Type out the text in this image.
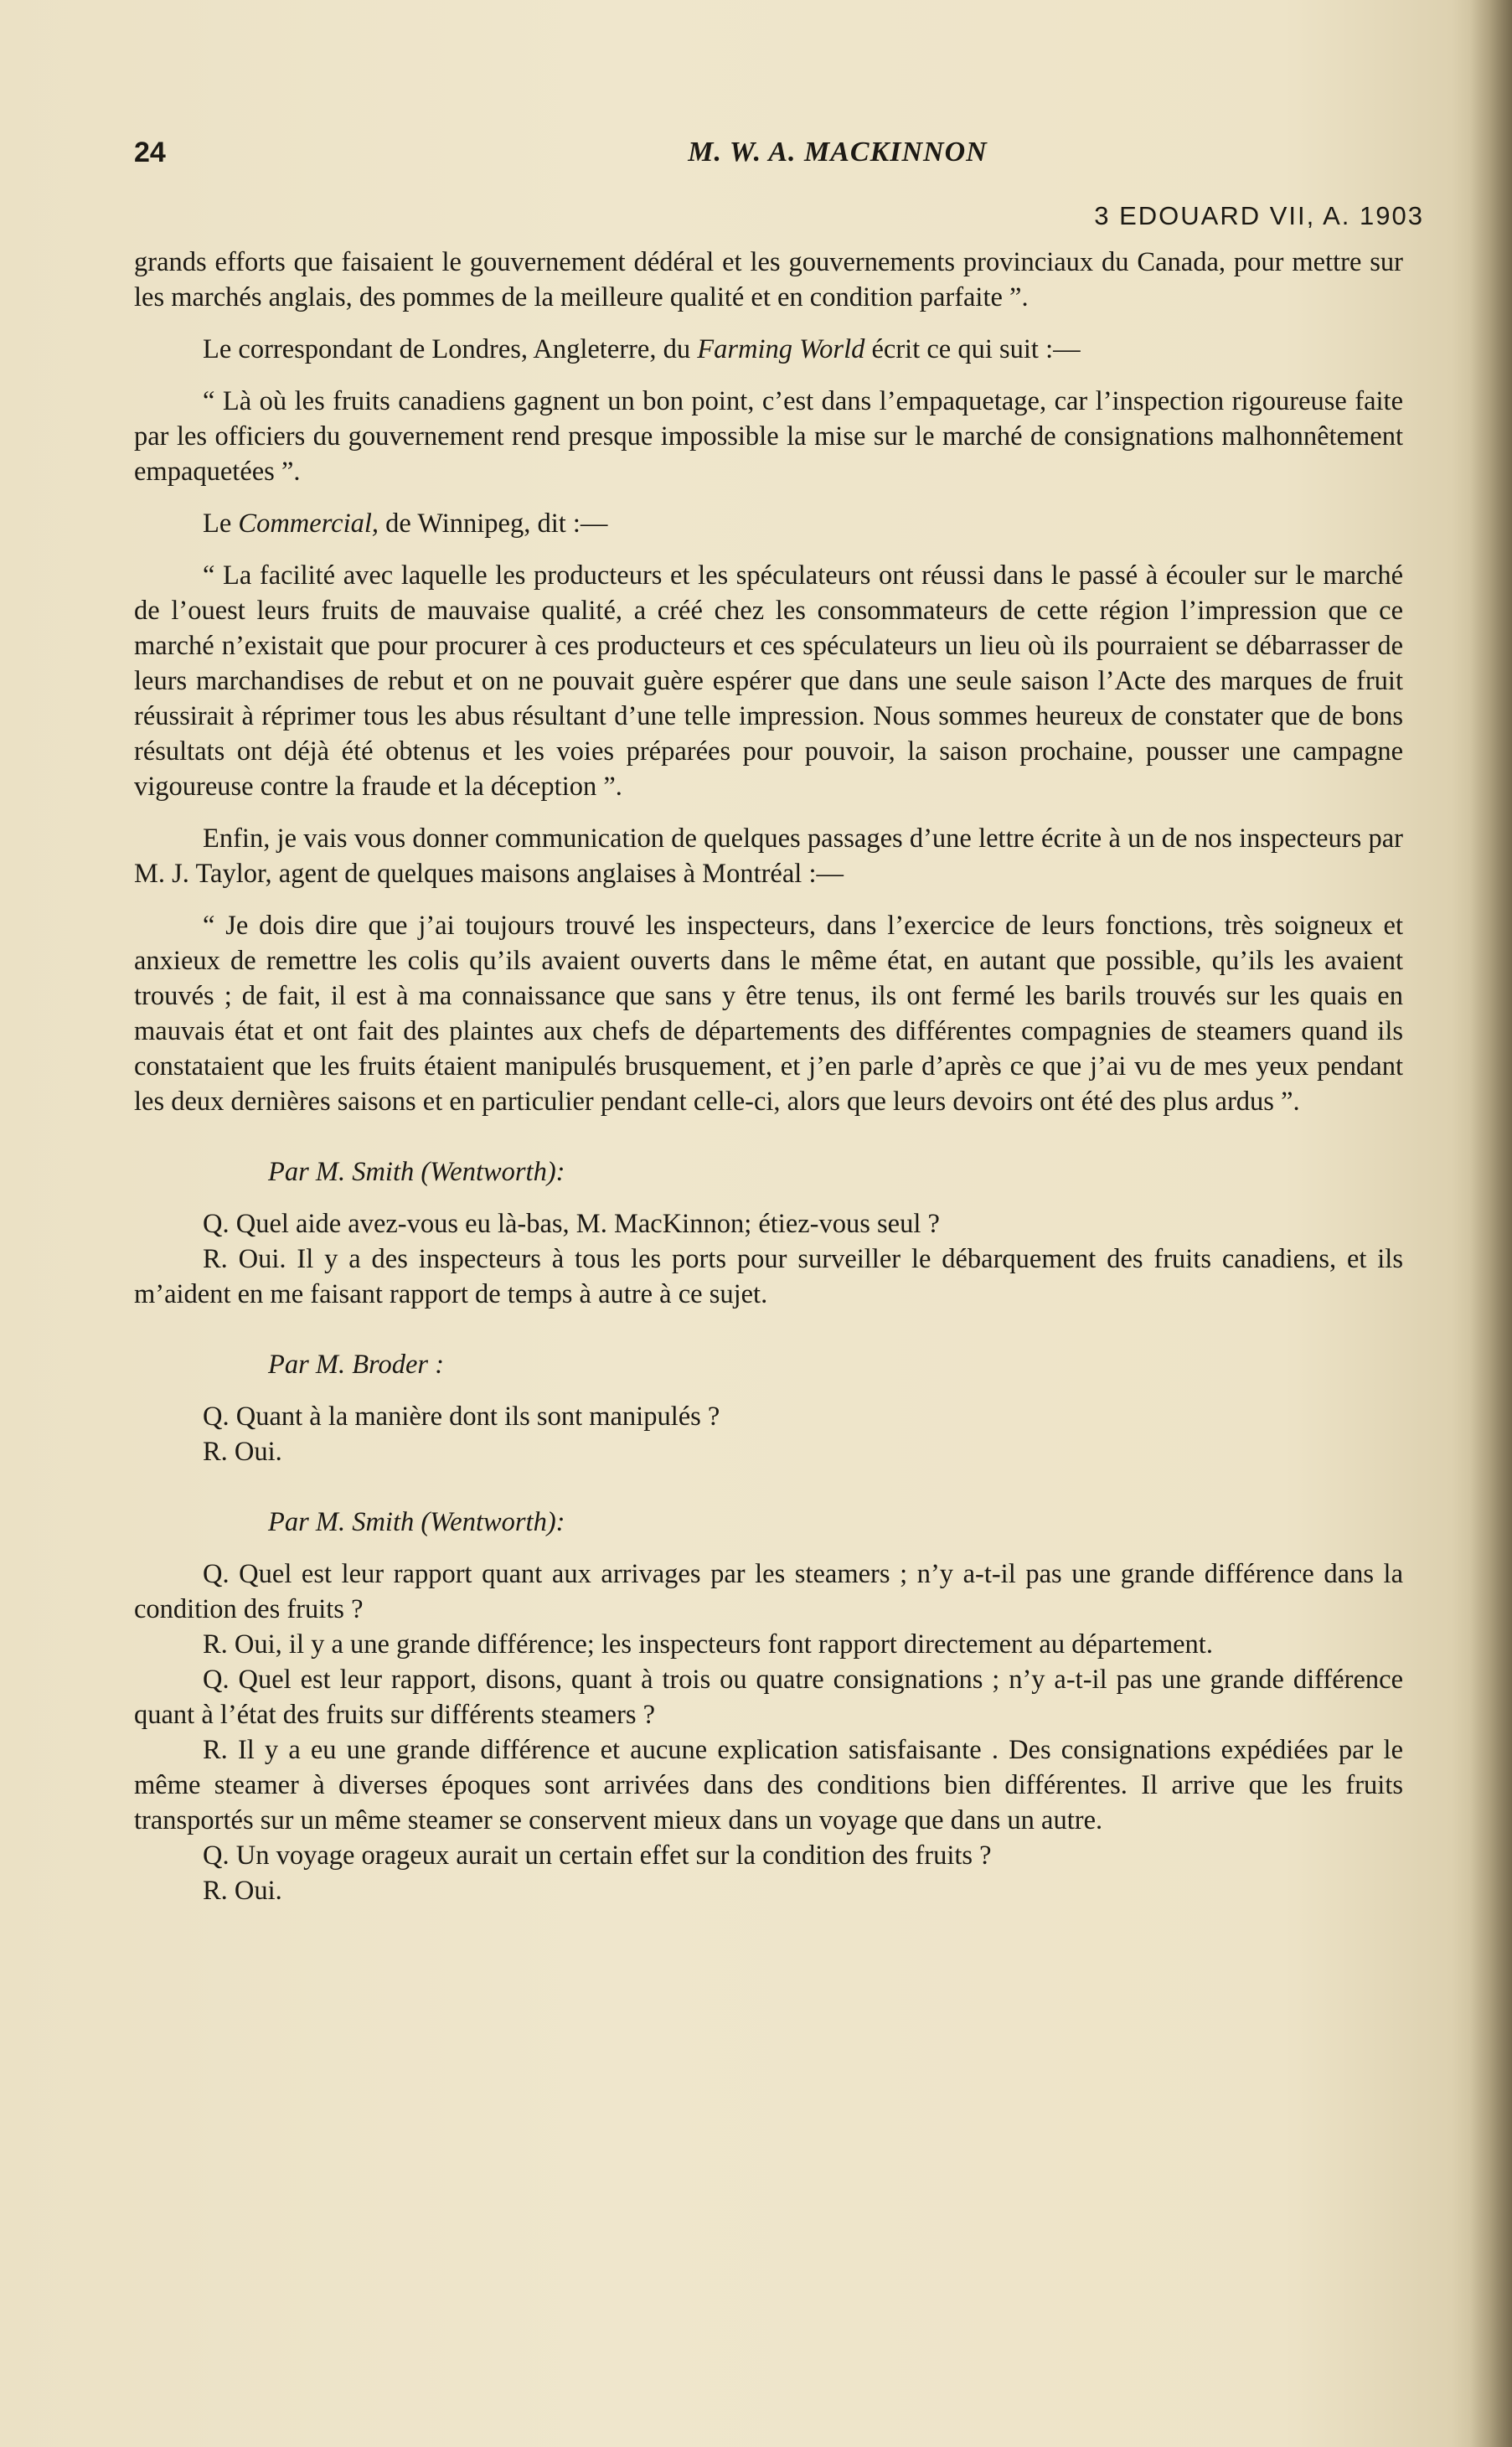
24	M. W. A. MACKINNON
3 EDOUARD VII, A. 1903

grands efforts que faisaient le gouvernement dédéral et les gouvernements provinciaux du Canada, pour mettre sur les marchés anglais, des pommes de la meilleure qualité et en condition parfaite ”.

Le correspondant de Londres, Angleterre, du Farming World écrit ce qui suit :—

“ Là où les fruits canadiens gagnent un bon point, c’est dans l’empaquetage, car l’inspection rigoureuse faite par les officiers du gouvernement rend presque impossible la mise sur le marché de consignations malhonnêtement empaquetées ”.

Le Commercial, de Winnipeg, dit :—

“ La facilité avec laquelle les producteurs et les spéculateurs ont réussi dans le passé à écouler sur le marché de l’ouest leurs fruits de mauvaise qualité, a créé chez les consommateurs de cette région l’impression que ce marché n’existait que pour procurer à ces producteurs et ces spéculateurs un lieu où ils pourraient se débarrasser de leurs marchandises de rebut et on ne pouvait guère espérer que dans une seule saison l’Acte des marques de fruit réussirait à réprimer tous les abus résultant d’une telle impression. Nous sommes heureux de constater que de bons résultats ont déjà été obtenus et les voies préparées pour pouvoir, la saison prochaine, pousser une campagne vigoureuse contre la fraude et la déception ”.

Enfin, je vais vous donner communication de quelques passages d’une lettre écrite à un de nos inspecteurs par M. J. Taylor, agent de quelques maisons anglaises à Montréal :—

“ Je dois dire que j’ai toujours trouvé les inspecteurs, dans l’exercice de leurs fonctions, très soigneux et anxieux de remettre les colis qu’ils avaient ouverts dans le même état, en autant que possible, qu’ils les avaient trouvés ; de fait, il est à ma connaissance que sans y être tenus, ils ont fermé les barils trouvés sur les quais en mauvais état et ont fait des plaintes aux chefs de départements des différentes compagnies de steamers quand ils constataient que les fruits étaient manipulés brusquement, et j’en parle d’après ce que j’ai vu de mes yeux pendant les deux dernières saisons et en particulier pendant celle-ci, alors que leurs devoirs ont été des plus ardus ”.

Par M. Smith (Wentworth):

Q. Quel aide avez-vous eu là-bas, M. MacKinnon; étiez-vous seul ?

R. Oui. Il y a des inspecteurs à tous les ports pour surveiller le débarquement des fruits canadiens, et ils m’aident en me faisant rapport de temps à autre à ce sujet.

Par M. Broder :

Q. Quant à la manière dont ils sont manipulés ?

R. Oui.

Par M. Smith (Wentworth):

Q. Quel est leur rapport quant aux arrivages par les steamers ; n’y a-t-il pas une grande différence dans la condition des fruits ?

R. Oui, il y a une grande différence; les inspecteurs font rapport directement au département.

Q. Quel est leur rapport, disons, quant à trois ou quatre consignations ; n’y a-t-il pas une grande différence quant à l’état des fruits sur différents steamers ?

R. Il y a eu une grande différence et aucune explication satisfaisante . Des consignations expédiées par le même steamer à diverses époques sont arrivées dans des conditions bien différentes. Il arrive que les fruits transportés sur un même steamer se conservent mieux dans un voyage que dans un autre.

Q. Un voyage orageux aurait un certain effet sur la condition des fruits ?

R. Oui.
